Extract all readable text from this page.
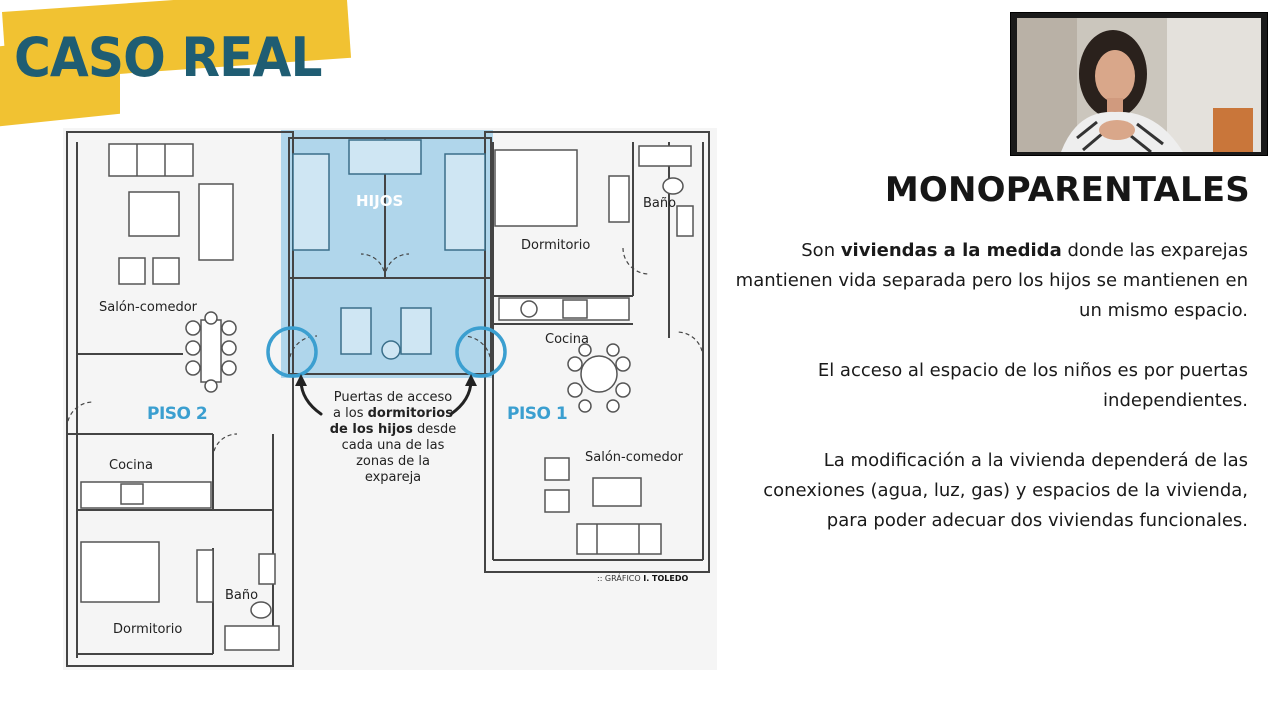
CASO REAL
HIJOS
PISO 2	PISO 1
Salón-comedor
Cocina
Baño
Dormitorio
Dormitorio
Baño
Cocina
Salón-comedor
Puertas de acceso a los dormitorios de los hijos desde cada una de las zonas de la expareja
:: GRÁFICO I. TOLEDO
MONOPARENTALES
Son viviendas a la medida donde las exparejas mantienen vida separada pero los hijos se mantienen en un mismo espacio.
El acceso al espacio de los niños es por puertas independientes.
La modificación a la vivienda dependerá de las conexiones (agua, luz, gas) y espacios de la vivienda, para poder adecuar dos viviendas funcionales.
